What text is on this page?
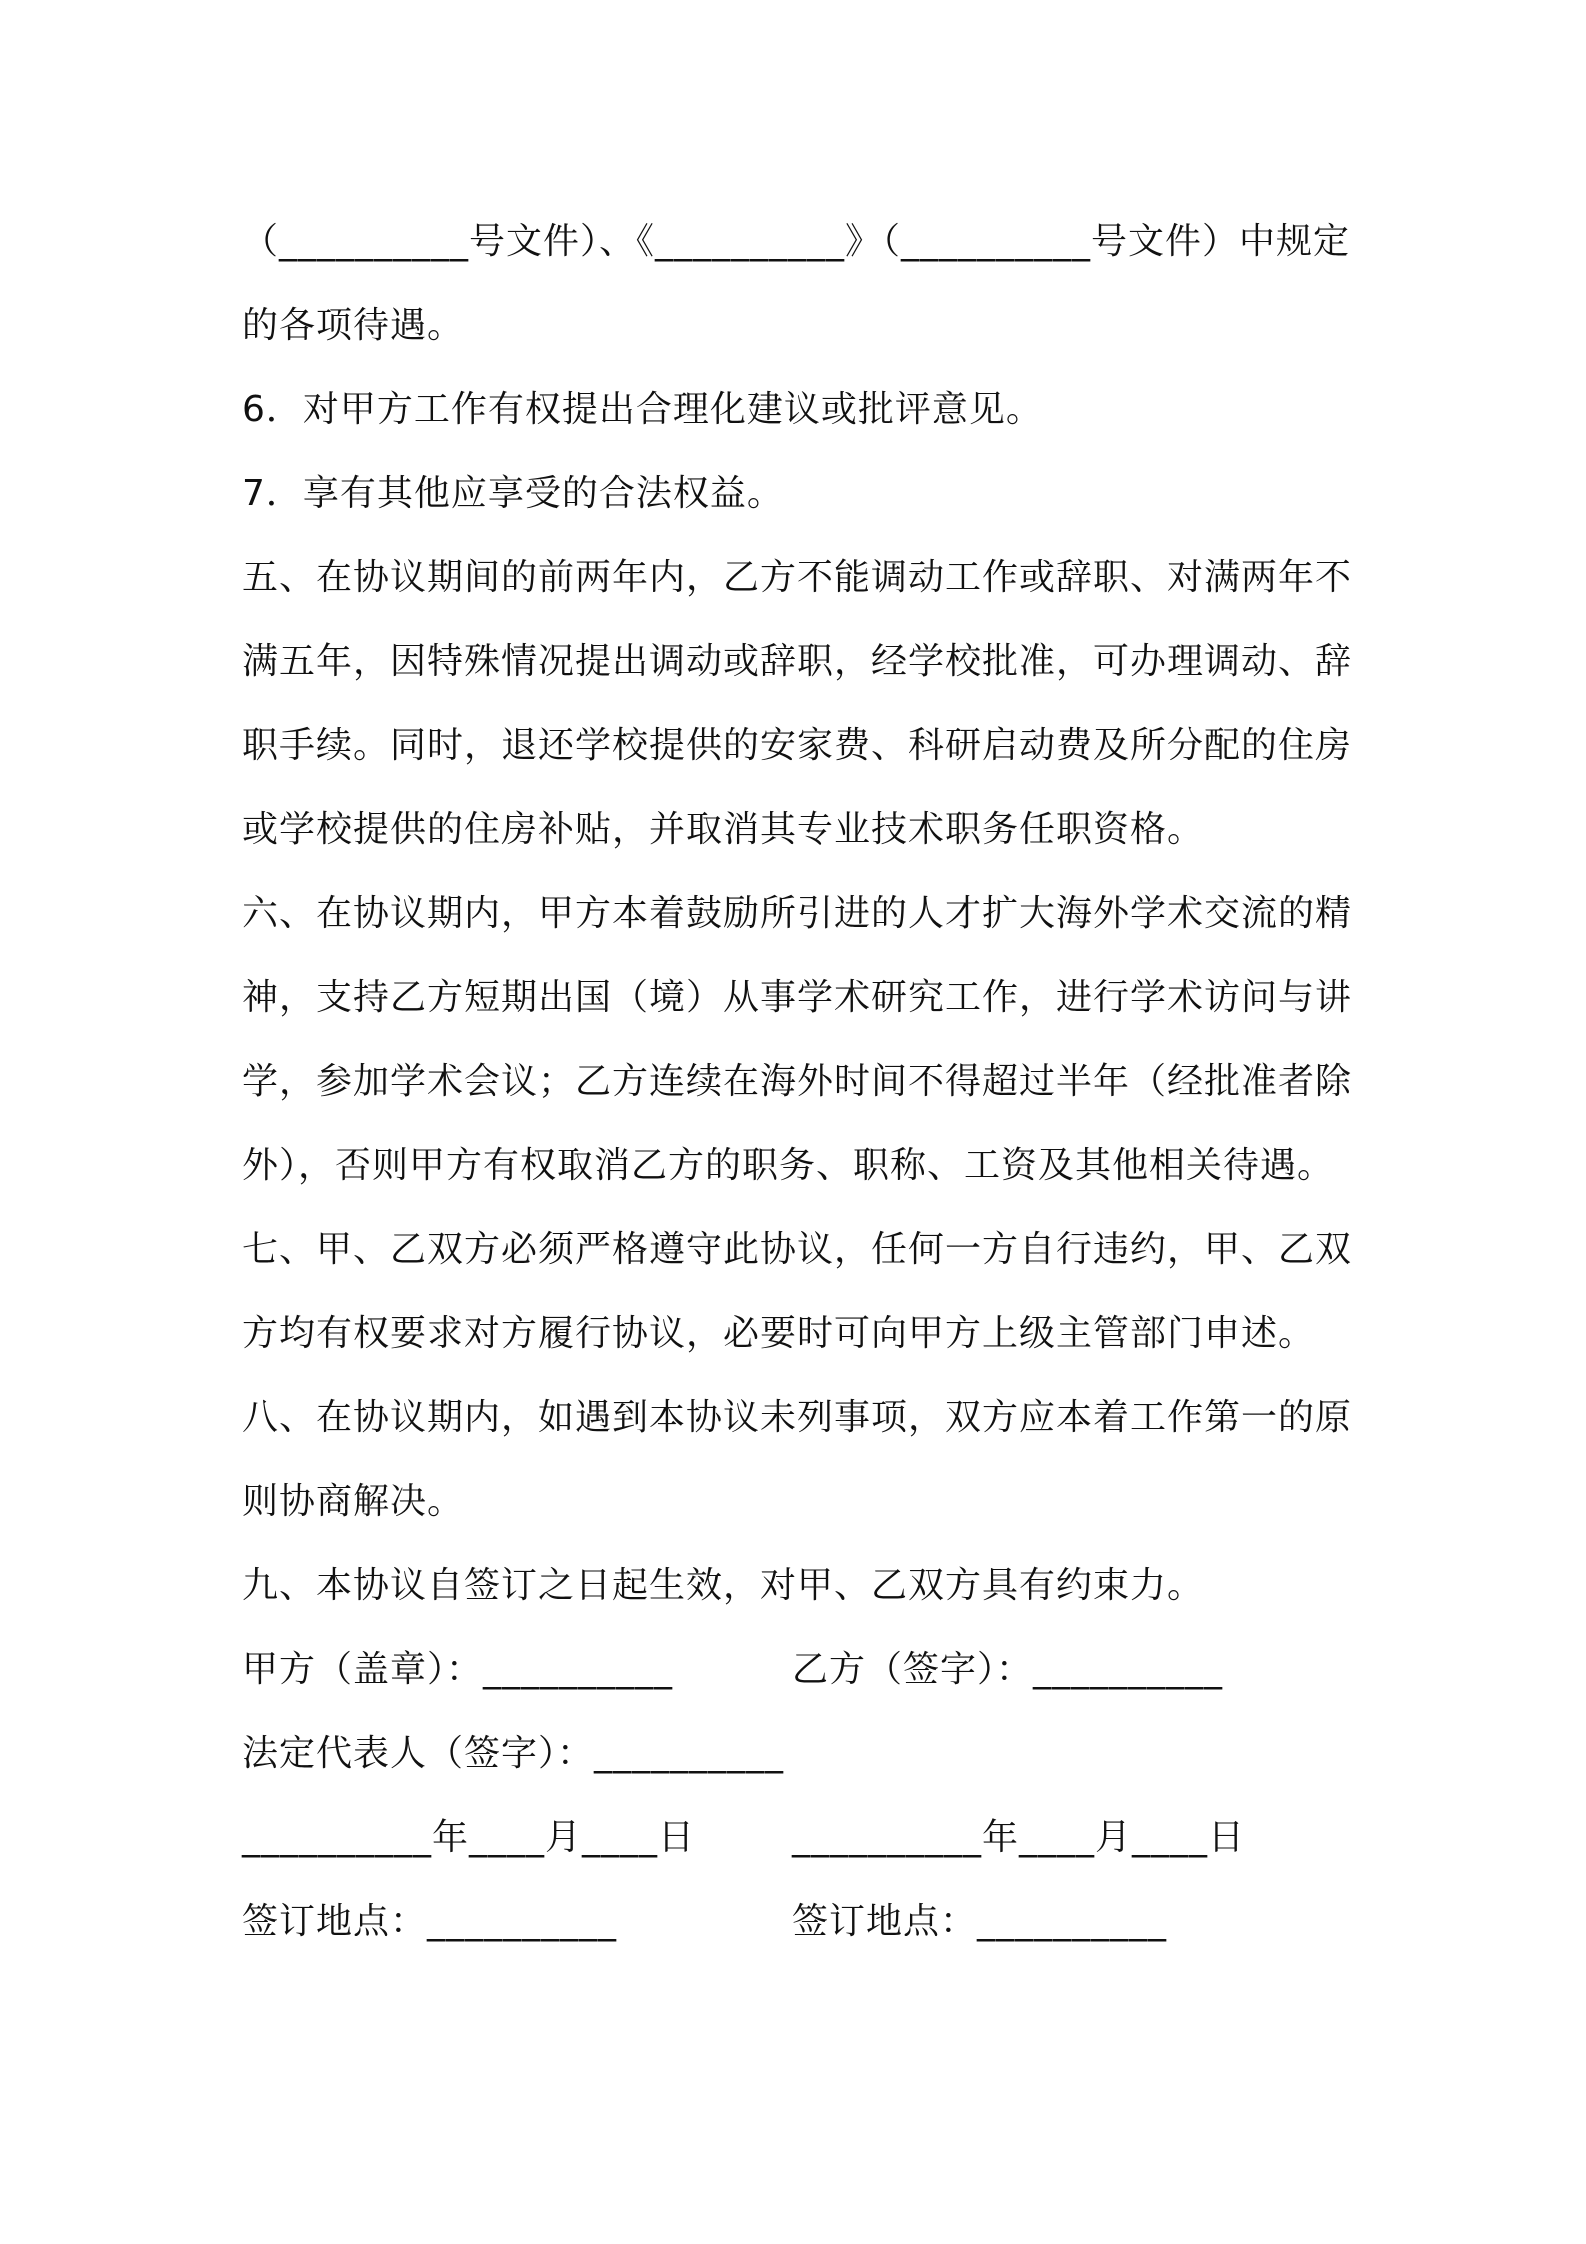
（__________号文件）、《__________》（__________号文件）中规定
的各项待遇。
6．对甲方工作有权提出合理化建议或批评意见。
7．享有其他应享受的合法权益。
五、在协议期间的前两年内，乙方不能调动工作或辞职、对满两年不
满五年，因特殊情况提出调动或辞职，经学校批准，可办理调动、辞
职手续。同时，退还学校提供的安家费、科研启动费及所分配的住房
或学校提供的住房补贴，并取消其专业技术职务任职资格。
六、在协议期内，甲方本着鼓励所引进的人才扩大海外学术交流的精
神，支持乙方短期出国（境）从事学术研究工作，进行学术访问与讲
学，参加学术会议；乙方连续在海外时间不得超过半年（经批准者除
外），否则甲方有权取消乙方的职务、职称、工资及其他相关待遇。
七、甲、乙双方必须严格遵守此协议，任何一方自行违约，甲、乙双
方均有权要求对方履行协议，必要时可向甲方上级主管部门申述。
八、在协议期内，如遇到本协议未列事项，双方应本着工作第一的原
则协商解决。
九、本协议自签订之日起生效，对甲、乙双方具有约束力。
甲方（盖章）：__________	乙方（签字）：__________
法定代表人（签字）：__________
__________年____月____日	__________年____月____日
签订地点：__________	签订地点：__________
